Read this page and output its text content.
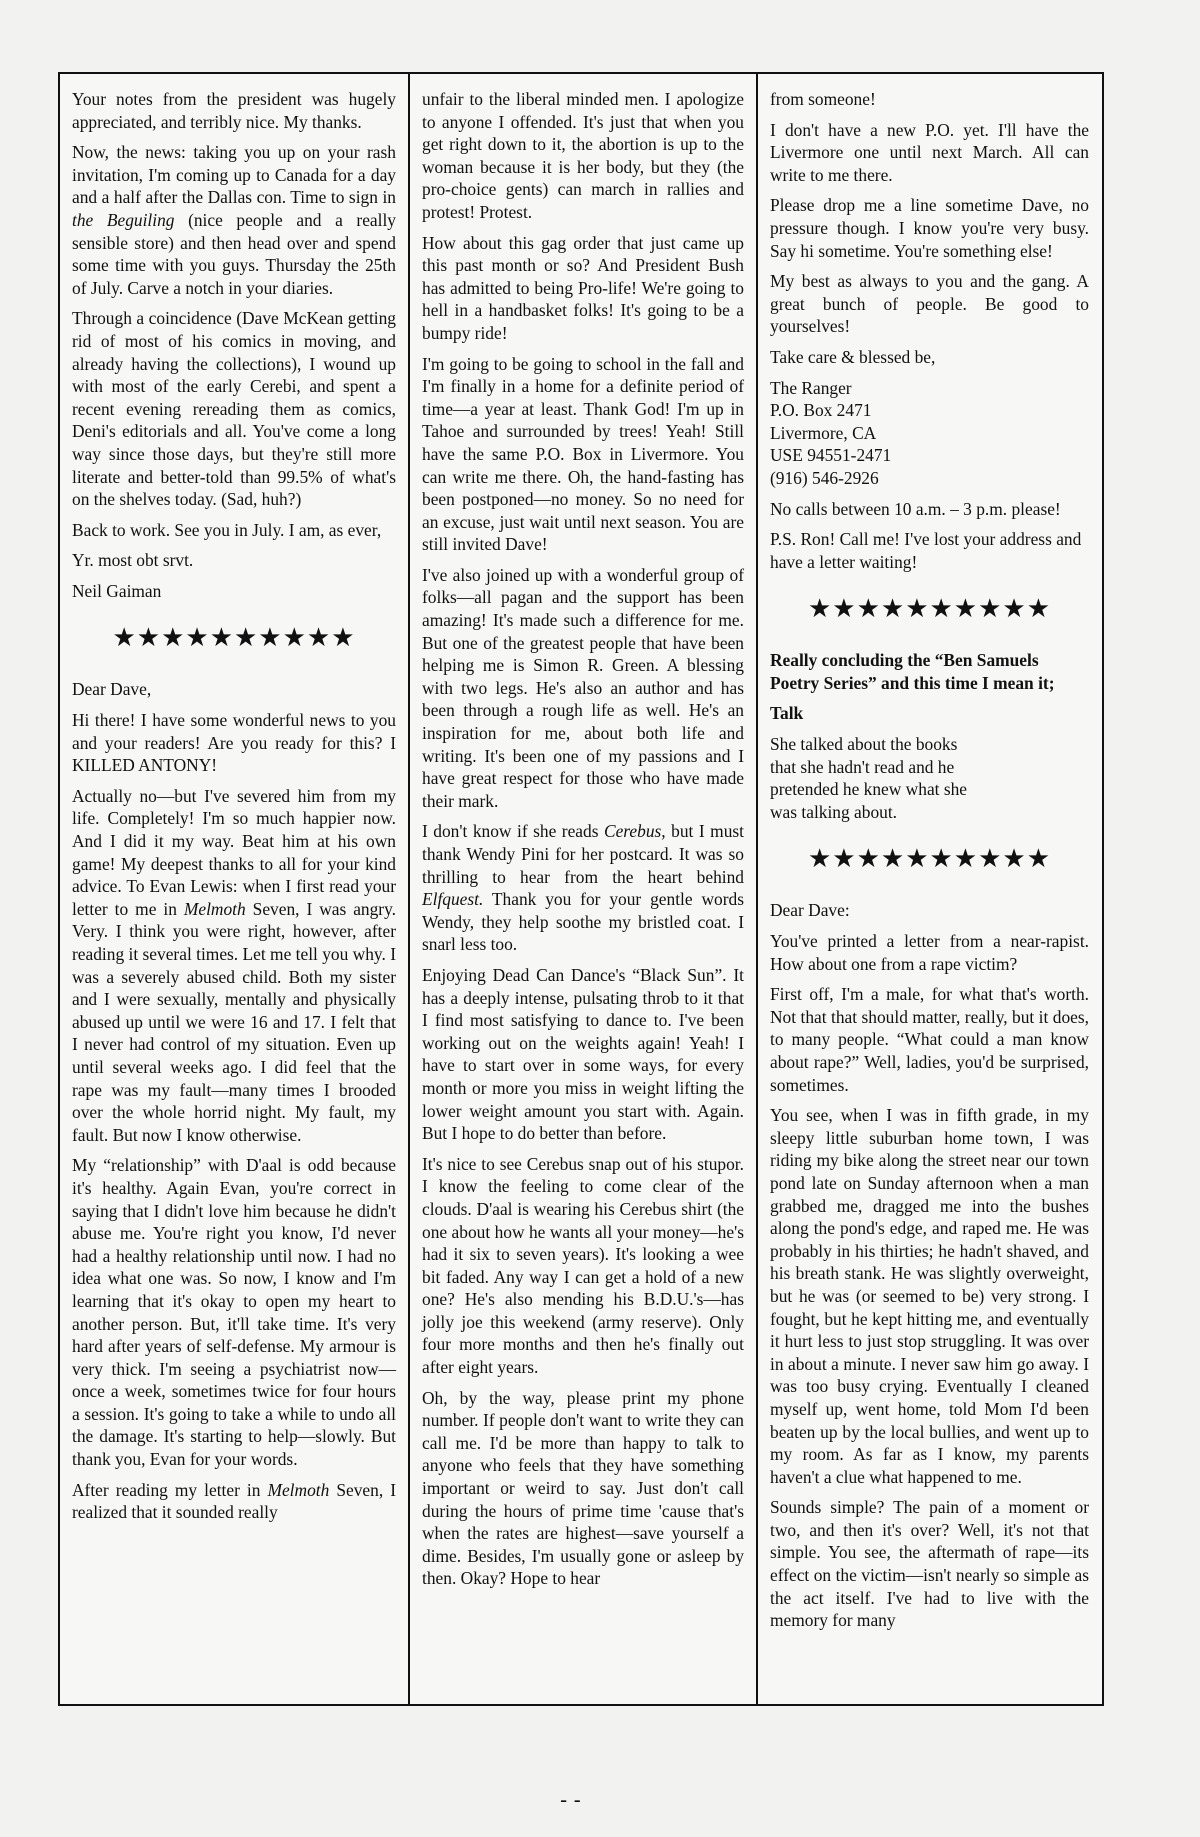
Your notes from the president was hugely appreciated, and terribly nice. My thanks.

Now, the news: taking you up on your rash invitation, I'm coming up to Canada for a day and a half after the Dallas con. Time to sign in the Beguiling (nice people and a really sensible store) and then head over and spend some time with you guys. Thursday the 25th of July. Carve a notch in your diaries.

Through a coincidence (Dave McKean getting rid of most of his comics in moving, and already having the collections), I wound up with most of the early Cerebi, and spent a recent evening rereading them as comics, Deni's editorials and all. You've come a long way since those days, but they're still more literate and better-told than 99.5% of what's on the shelves today. (Sad, huh?)

Back to work. See you in July. I am, as ever,

Yr. most obt srvt.

Neil Gaiman

★★★★★★★★★★

Dear Dave,

Hi there! I have some wonderful news to you and your readers! Are you ready for this? I KILLED ANTONY!

Actually no—but I've severed him from my life. Completely! I'm so much happier now. And I did it my way. Beat him at his own game! My deepest thanks to all for your kind advice. To Evan Lewis: when I first read your letter to me in Melmoth Seven, I was angry. Very. I think you were right, however, after reading it several times. Let me tell you why. I was a severely abused child. Both my sister and I were sexually, mentally and physically abused up until we were 16 and 17. I felt that I never had control of my situation. Even up until several weeks ago. I did feel that the rape was my fault—many times I brooded over the whole horrid night. My fault, my fault. But now I know otherwise.

My “relationship” with D'aal is odd because it's healthy. Again Evan, you're correct in saying that I didn't love him because he didn't abuse me. You're right you know, I'd never had a healthy relationship until now. I had no idea what one was. So now, I know and I'm learning that it's okay to open my heart to another person. But, it'll take time. It's very hard after years of self-defense. My armour is very thick. I'm seeing a psychiatrist now—once a week, sometimes twice for four hours a session. It's going to take a while to undo all the damage. It's starting to help—slowly. But thank you, Evan for your words.

After reading my letter in Melmoth Seven, I realized that it sounded really

unfair to the liberal minded men. I apologize to anyone I offended. It's just that when you get right down to it, the abortion is up to the woman because it is her body, but they (the pro-choice gents) can march in rallies and protest! Protest.

How about this gag order that just came up this past month or so? And President Bush has admitted to being Pro-life! We're going to hell in a handbasket folks! It's going to be a bumpy ride!

I'm going to be going to school in the fall and I'm finally in a home for a definite period of time—a year at least. Thank God! I'm up in Tahoe and surrounded by trees! Yeah! Still have the same P.O. Box in Livermore. You can write me there. Oh, the hand-fasting has been postponed—no money. So no need for an excuse, just wait until next season. You are still invited Dave!

I've also joined up with a wonderful group of folks—all pagan and the support has been amazing! It's made such a difference for me. But one of the greatest people that have been helping me is Simon R. Green. A blessing with two legs. He's also an author and has been through a rough life as well. He's an inspiration for me, about both life and writing. It's been one of my passions and I have great respect for those who have made their mark.

I don't know if she reads Cerebus, but I must thank Wendy Pini for her postcard. It was so thrilling to hear from the heart behind Elfquest. Thank you for your gentle words Wendy, they help soothe my bristled coat. I snarl less too.

Enjoying Dead Can Dance's “Black Sun”. It has a deeply intense, pulsating throb to it that I find most satisfying to dance to. I've been working out on the weights again! Yeah! I have to start over in some ways, for every month or more you miss in weight lifting the lower weight amount you start with. Again. But I hope to do better than before.

It's nice to see Cerebus snap out of his stupor. I know the feeling to come clear of the clouds. D'aal is wearing his Cerebus shirt (the one about how he wants all your money—he's had it six to seven years). It's looking a wee bit faded. Any way I can get a hold of a new one? He's also mending his B.D.U.'s—has jolly joe this weekend (army reserve). Only four more months and then he's finally out after eight years.

Oh, by the way, please print my phone number. If people don't want to write they can call me. I'd be more than happy to talk to anyone who feels that they have something important or weird to say. Just don't call during the hours of prime time 'cause that's when the rates are highest—save yourself a dime. Besides, I'm usually gone or asleep by then. Okay? Hope to hear

from someone!

I don't have a new P.O. yet. I'll have the Livermore one until next March. All can write to me there.

Please drop me a line sometime Dave, no pressure though. I know you're very busy. Say hi sometime. You're something else!

My best as always to you and the gang. A great bunch of people. Be good to yourselves!

Take care & blessed be,

The Ranger

P.O. Box 2471

Livermore, CA

USE 94551-2471

(916) 546-2926

No calls between 10 a.m. – 3 p.m. please!

P.S. Ron! Call me! I've lost your address and have a letter waiting!

★★★★★★★★★★

Really concluding the “Ben Samuels Poetry Series” and this time I mean it;

Talk

She talked about the books
that she hadn't read and he
pretended he knew what she
was talking about.

★★★★★★★★★★

Dear Dave:

You've printed a letter from a near-rapist. How about one from a rape victim?

First off, I'm a male, for what that's worth. Not that that should matter, really, but it does, to many people. “What could a man know about rape?” Well, ladies, you'd be surprised, sometimes.

You see, when I was in fifth grade, in my sleepy little suburban home town, I was riding my bike along the street near our town pond late on Sunday afternoon when a man grabbed me, dragged me into the bushes along the pond's edge, and raped me. He was probably in his thirties; he hadn't shaved, and his breath stank. He was slightly overweight, but he was (or seemed to be) very strong. I fought, but he kept hitting me, and eventually it hurt less to just stop struggling. It was over in about a minute. I never saw him go away. I was too busy crying. Eventually I cleaned myself up, went home, told Mom I'd been beaten up by the local bullies, and went up to my room. As far as I know, my parents haven't a clue what happened to me.

Sounds simple? The pain of a moment or two, and then it's over? Well, it's not that simple. You see, the aftermath of rape—its effect on the victim—isn't nearly so simple as the act itself. I've had to live with the memory for many

- -
